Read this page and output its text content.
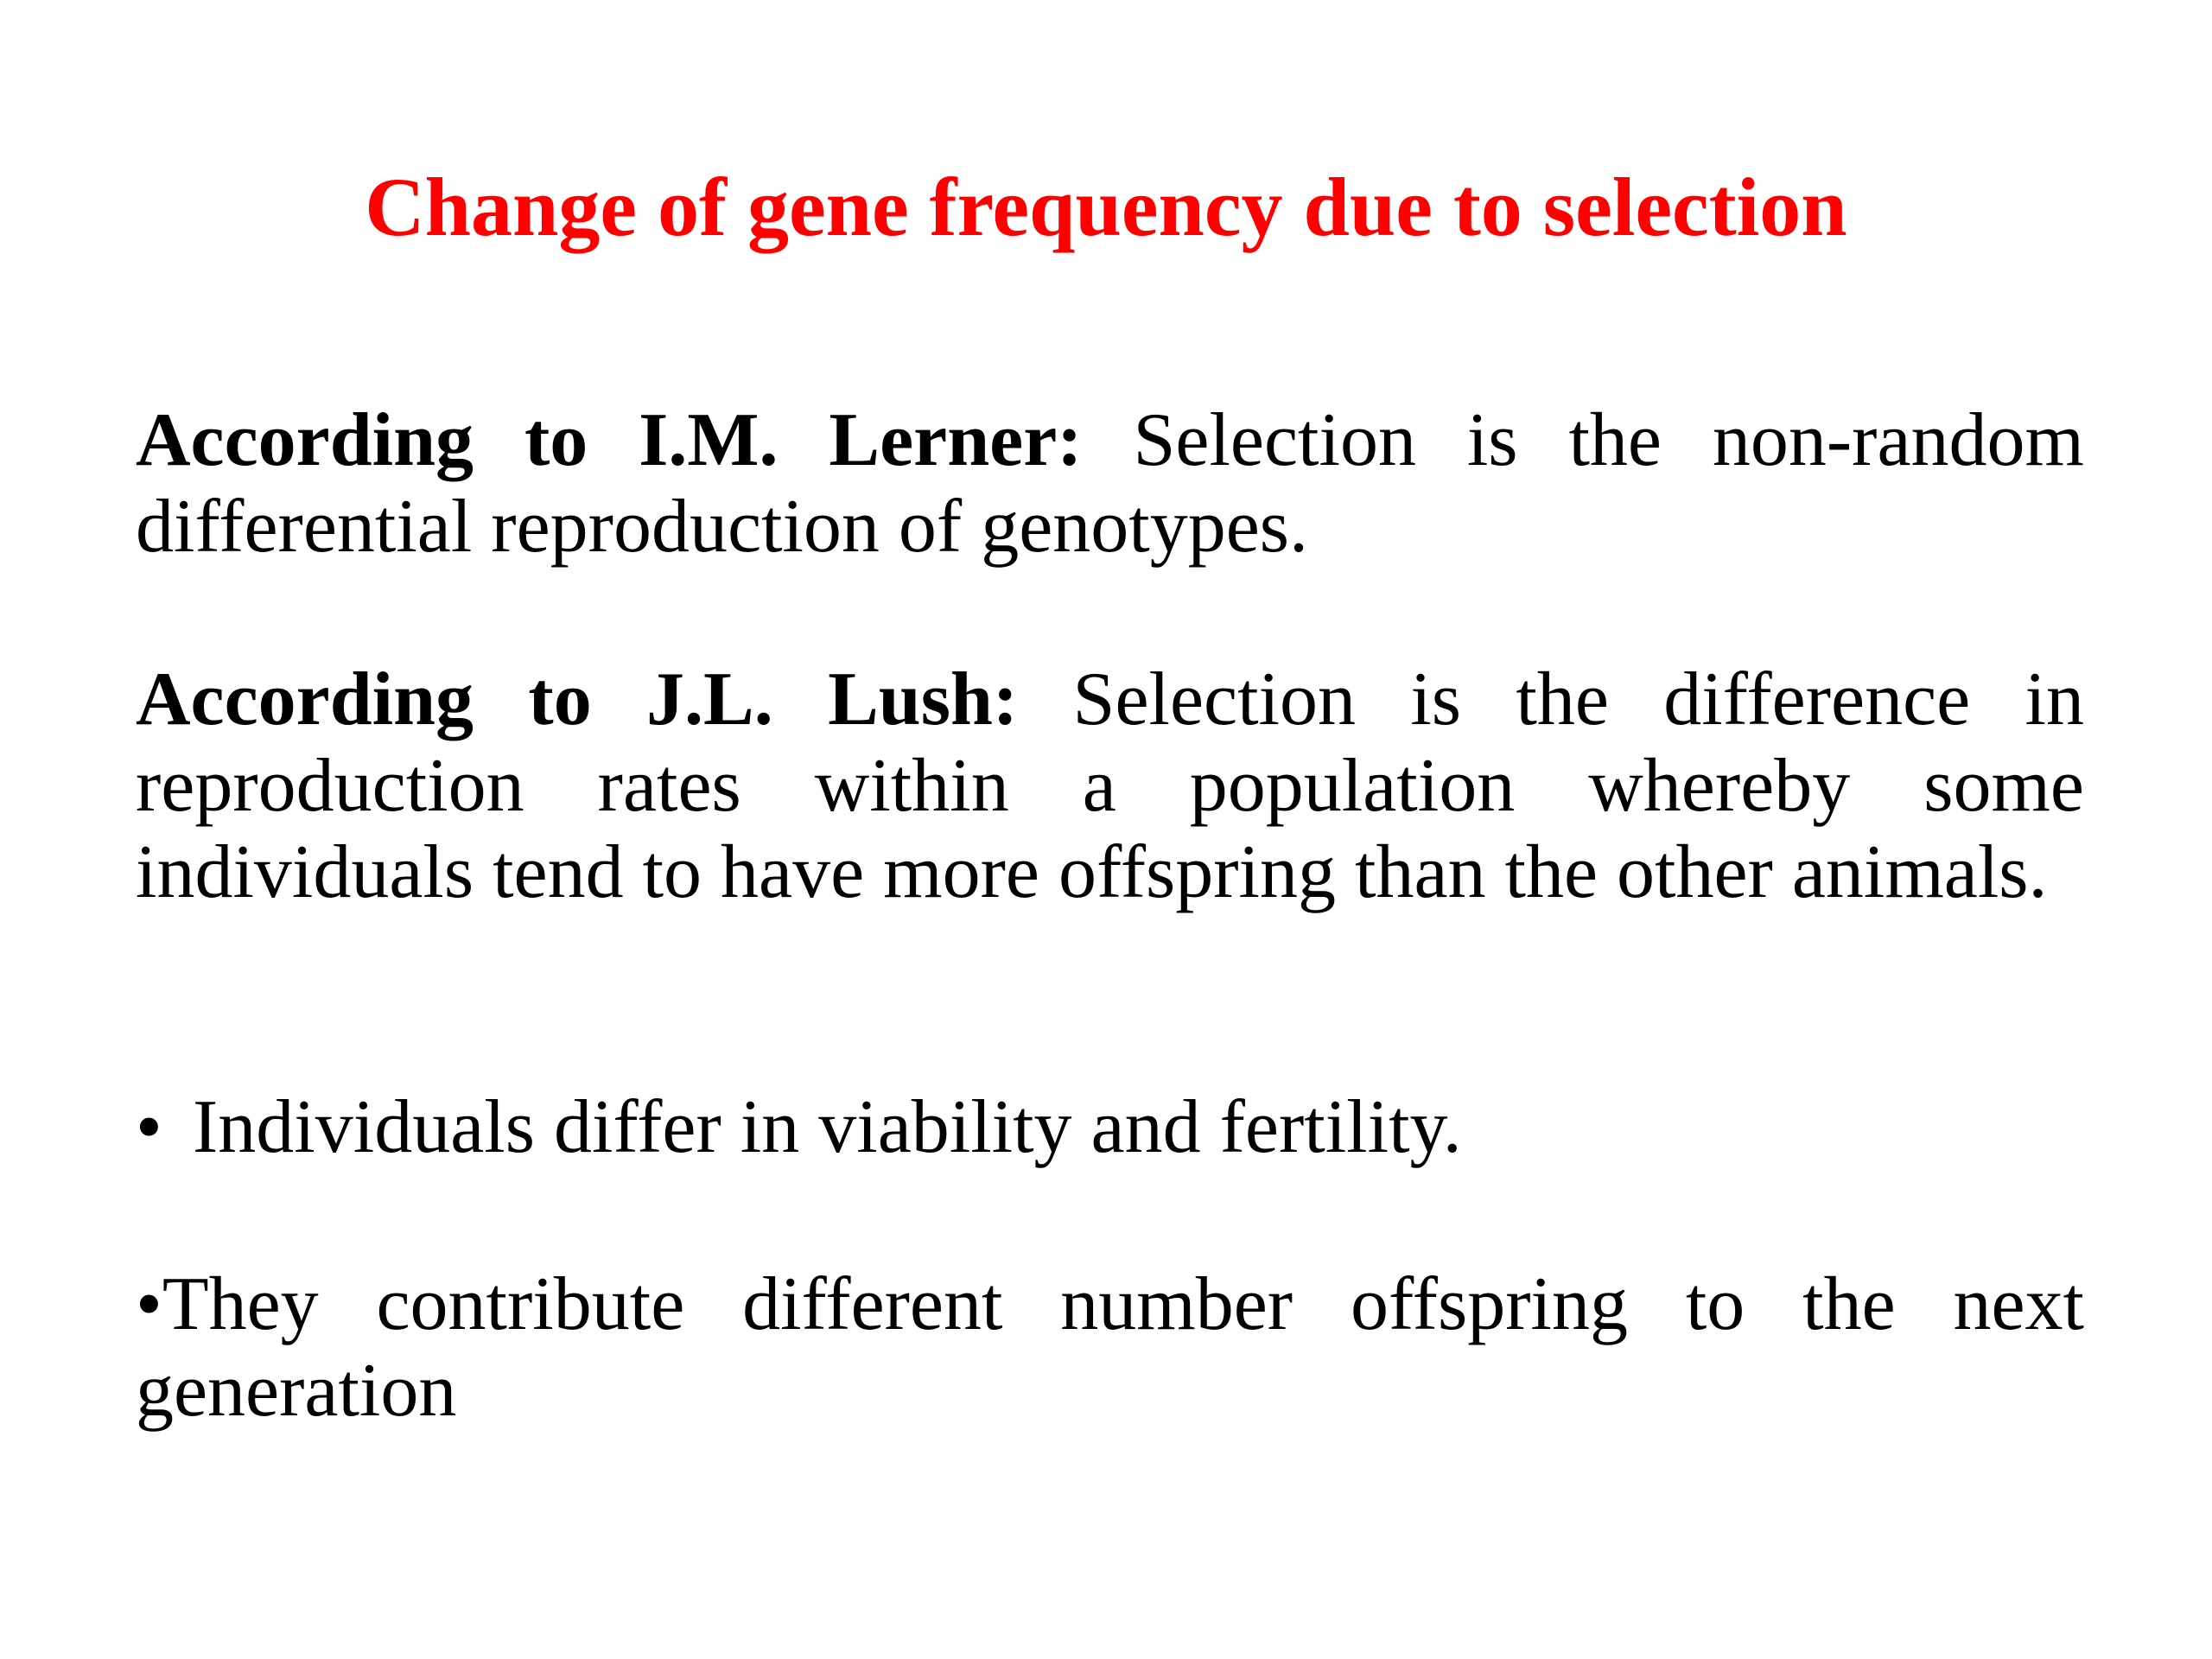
Change of gene frequency due to selection
According to I.M. Lerner: Selection is the non-random differential reproduction of genotypes.
According to J.L. Lush: Selection is the difference in reproduction rates within a population whereby some individuals tend to have more offspring than the other animals.
• Individuals differ in viability and fertility.
•They contribute different number offspring to the next generation
